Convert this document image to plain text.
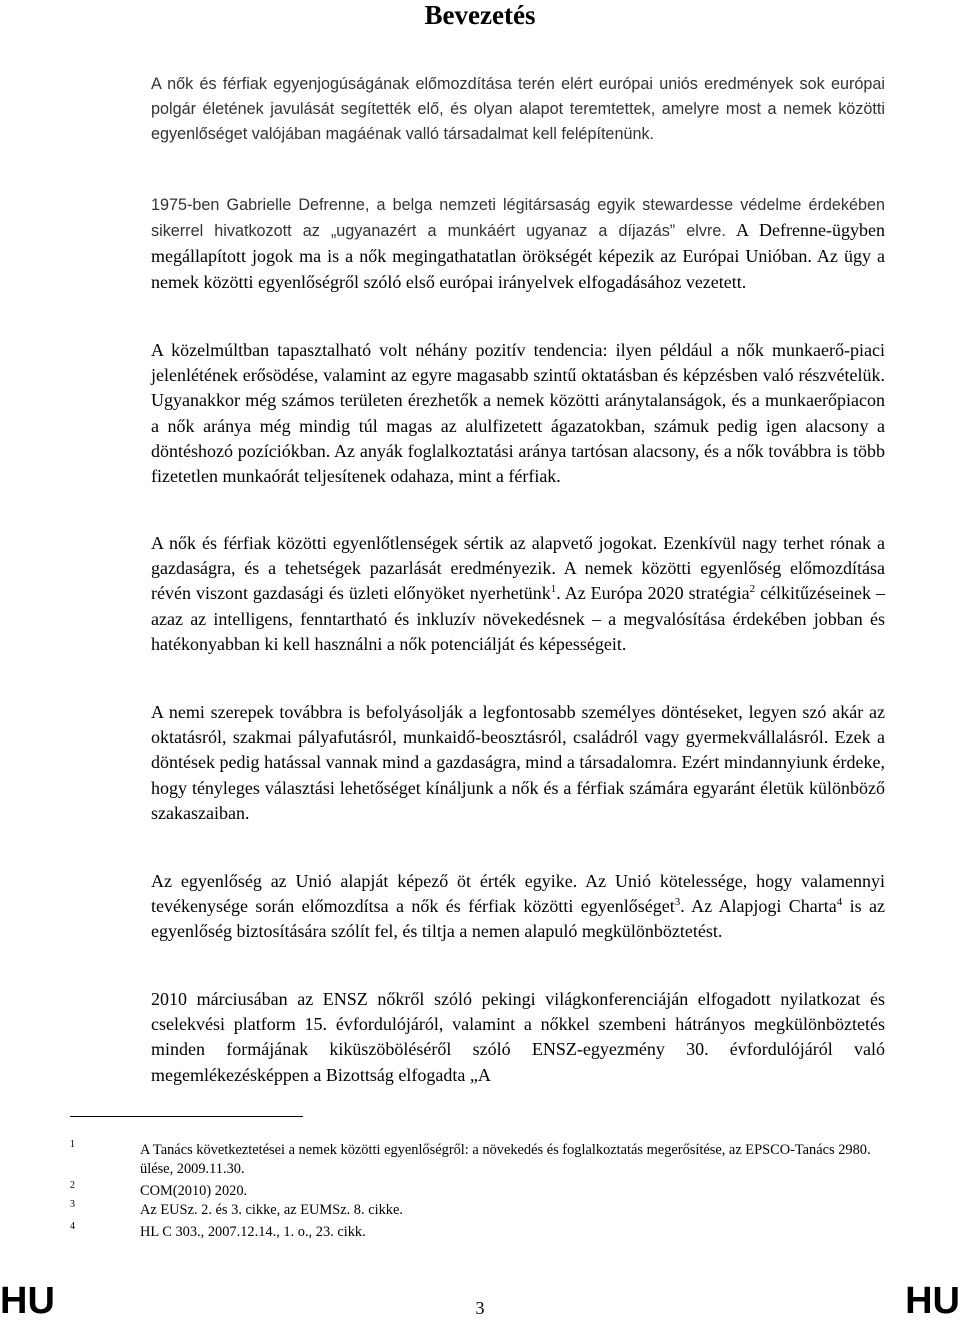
Bevezetés

A nők és férfiak egyenjogúságának előmozdítása terén elért európai uniós eredmények sok európai polgár életének javulását segítették elő, és olyan alapot teremtettek, amelyre most a nemek közötti egyenlőséget valójában magáénak valló társadalmat kell felépítenünk.

1975-ben Gabrielle Defrenne, a belga nemzeti légitársaság egyik stewardesse védelme érdekében sikerrel hivatkozott az „ugyanazért a munkáért ugyanaz a díjazás” elvre. A Defrenne-ügyben megállapított jogok ma is a nők megingathatatlan örökségét képezik az Európai Unióban. Az ügy a nemek közötti egyenlőségről szóló első európai irányelvek elfogadásához vezetett.

A közelmúltban tapasztalható volt néhány pozitív tendencia: ilyen például a nők munkaerő-piaci jelenlétének erősödése, valamint az egyre magasabb szintű oktatásban és képzésben való részvételük. Ugyanakkor még számos területen érezhetők a nemek közötti aránytalanságok, és a munkaerőpiacon a nők aránya még mindig túl magas az alulfizetett ágazatokban, számuk pedig igen alacsony a döntéshozó pozíciókban. Az anyák foglalkoztatási aránya tartósan alacsony, és a nők továbbra is több fizetetlen munkaórát teljesítenek odahaza, mint a férfiak.

A nők és férfiak közötti egyenlőtlenségek sértik az alapvető jogokat. Ezenkívül nagy terhet rónak a gazdaságra, és a tehetségek pazarlását eredményezik. A nemek közötti egyenlőség előmozdítása révén viszont gazdasági és üzleti előnyöket nyerhetünk$^1$. Az Európa 2020 stratégia$^2$ célkitűzéseinek – azaz az intelligens, fenntartható és inkluzív növekedésnek – a megvalósítása érdekében jobban és hatékonyabban ki kell használni a nők potenciálját és képességeit.

A nemi szerepek továbbra is befolyásolják a legfontosabb személyes döntéseket, legyen szó akár az oktatásról, szakmai pályafutásról, munkaidő-beosztásról, családról vagy gyermekvállalásról. Ezek a döntések pedig hatással vannak mind a gazdaságra, mind a társadalomra. Ezért mindannyiunk érdeke, hogy tényleges választási lehetőséget kínáljunk a nők és a férfiak számára egyaránt életük különböző szakaszaiban.

Az egyenlőség az Unió alapját képező öt érték egyike. Az Unió kötelessége, hogy valamennyi tevékenysége során előmozdítsa a nők és férfiak közötti egyenlőséget$^3$. Az Alapjogi Charta$^4$ is az egyenlőség biztosítására szólít fel, és tiltja a nemen alapuló megkülönböztetést.

2010 márciusában az ENSZ nőkről szóló pekingi világkonferenciáján elfogadott nyilatkozat és cselekvési platform 15. évfordulójáról, valamint a nőkkel szembeni hátrányos megkülönböztetés minden formájának kiküszöböléséről szóló ENSZ-egyezmény 30. évfordulójáról való megemlékezésképpen a Bizottság elfogadta „A

1	A Tanács következtetései a nemek közötti egyenlőségről: a növekedés és foglalkoztatás megerősítése, az EPSCO-Tanács 2980. ülése, 2009.11.30.
2	COM(2010) 2020.
3	Az EUSz. 2. és 3. cikke, az EUMSz. 8. cikke.
4	HL C 303., 2007.12.14., 1. o., 23. cikk.
HU	3	HU
